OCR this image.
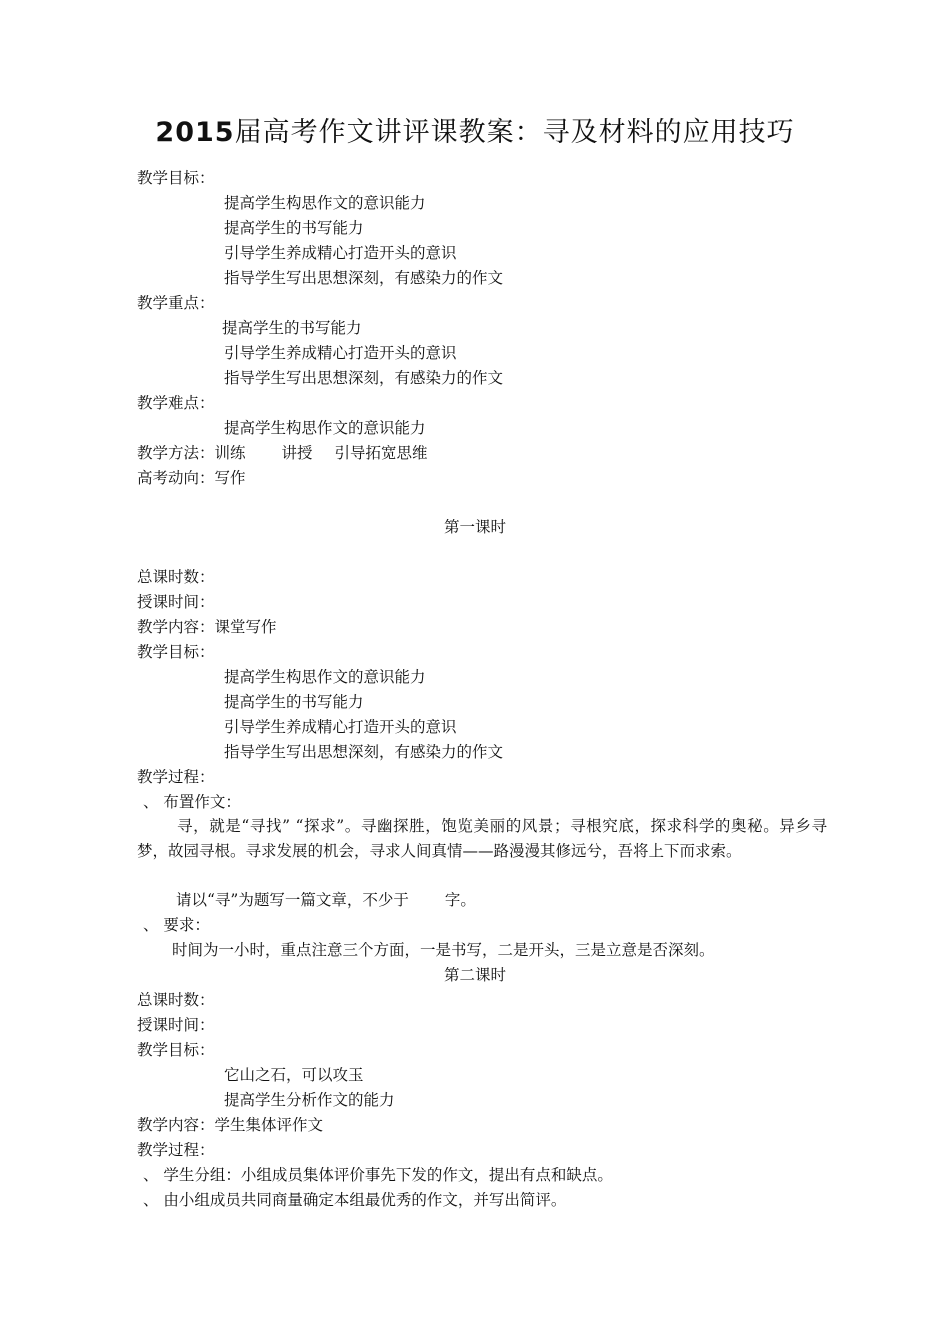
2015届高考作文讲评课教案：寻及材料的应用技巧
教学目标：
提高学生构思作文的意识能力
提高学生的书写能力
引导学生养成精心打造开头的意识
指导学生写出思想深刻，有感染力的作文
教学重点：
提高学生的书写能力
引导学生养成精心打造开头的意识
指导学生写出思想深刻，有感染力的作文
教学难点：
提高学生构思作文的意识能力
教学方法：训练 讲授 引导拓宽思维
高考动向：写作
第一课时
总课时数：
授课时间：
教学内容：课堂写作
教学目标：
提高学生构思作文的意识能力
提高学生的书写能力
引导学生养成精心打造开头的意识
指导学生写出思想深刻，有感染力的作文
教学过程：
、 布置作文：
寻，就是“寻找” “探求”。寻幽探胜，饱览美丽的风景；寻根究底，探求科学的奥秘。异乡寻梦，故园寻根。寻求发展的机会，寻求人间真情——路漫漫其修远兮，吾将上下而求索。
请以“寻”为题写一篇文章，不少于 字。
、 要求：
时间为一小时，重点注意三个方面，一是书写，二是开头，三是立意是否深刻。
第二课时
总课时数：
授课时间：
教学目标：
它山之石，可以攻玉
提高学生分析作文的能力
教学内容：学生集体评作文
教学过程：
、 学生分组：小组成员集体评价事先下发的作文，提出有点和缺点。
、 由小组成员共同商量确定本组最优秀的作文，并写出简评。
